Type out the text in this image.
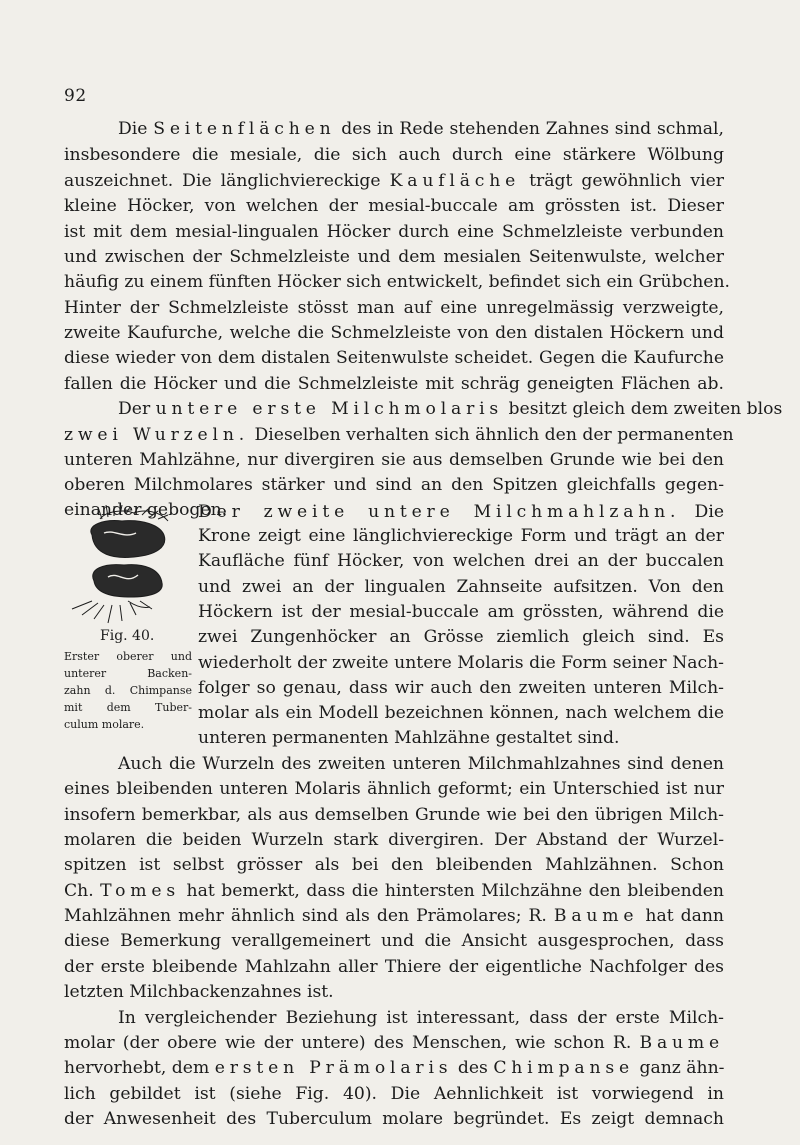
92
Die Seitenflächen des in Rede stehenden Zahnes sind schmal,
insbesondere die mesiale, die sich auch durch eine stärkere Wölbung
auszeichnet. Die länglichviereckige Kaufläche trägt gewöhnlich vier
kleine Höcker, von welchen der mesial-buccale am grössten ist. Dieser
ist mit dem mesial-lingualen Höcker durch eine Schmelzleiste verbunden
und zwischen der Schmelzleiste und dem mesialen Seitenwulste, welcher
häufig zu einem fünften Höcker sich entwickelt, befindet sich ein Grübchen.
Hinter der Schmelzleiste stösst man auf eine unregelmässig verzweigte,
zweite Kaufurche, welche die Schmelzleiste von den distalen Höckern und
diese wieder von dem distalen Seitenwulste scheidet. Gegen die Kaufurche
fallen die Höcker und die Schmelzleiste mit schräg geneigten Flächen ab.
Der untere erste Milchmolaris besitzt gleich dem zweiten blos
zwei Wurzeln. Dieselben verhalten sich ähnlich den der permanenten
unteren Mahlzähne, nur divergiren sie aus demselben Grunde wie bei den
oberen Milchmolares stärker und sind an den Spitzen gleichfalls gegen-
einander gebogen.
Fig. 40.
Erster oberer und
unterer Backen-
zahn d. Chimpanse
mit dem Tuber-
culum molare.
Der zweite untere Milchmahlzahn. Die
Krone zeigt eine länglichviereckige Form und trägt an der
Kaufläche fünf Höcker, von welchen drei an der buccalen
und zwei an der lingualen Zahnseite aufsitzen. Von den
Höckern ist der mesial-buccale am grössten, während die
zwei Zungenhöcker an Grösse ziemlich gleich sind. Es
wiederholt der zweite untere Molaris die Form seiner Nach-
folger so genau, dass wir auch den zweiten unteren Milch-
molar als ein Modell bezeichnen können, nach welchem die
unteren permanenten Mahlzähne gestaltet sind.
Auch die Wurzeln des zweiten unteren Milchmahlzahnes sind denen
eines bleibenden unteren Molaris ähnlich geformt; ein Unterschied ist nur
insofern bemerkbar, als aus demselben Grunde wie bei den übrigen Milch-
molaren die beiden Wurzeln stark divergiren. Der Abstand der Wurzel-
spitzen ist selbst grösser als bei den bleibenden Mahlzähnen. Schon
Ch. Tomes hat bemerkt, dass die hintersten Milchzähne den bleibenden
Mahlzähnen mehr ähnlich sind als den Prämolares; R. Baume hat dann
diese Bemerkung verallgemeinert und die Ansicht ausgesprochen, dass
der erste bleibende Mahlzahn aller Thiere der eigentliche Nachfolger des
letzten Milchbackenzahnes ist.
In vergleichender Beziehung ist interessant, dass der erste Milch-
molar (der obere wie der untere) des Menschen, wie schon R. Baume
hervorhebt, dem ersten Prämolaris des Chimpanse ganz ähn-
lich gebildet ist (siehe Fig. 40). Die Aehnlichkeit ist vorwiegend in
der Anwesenheit des Tuberculum molare begründet. Es zeigt demnach
